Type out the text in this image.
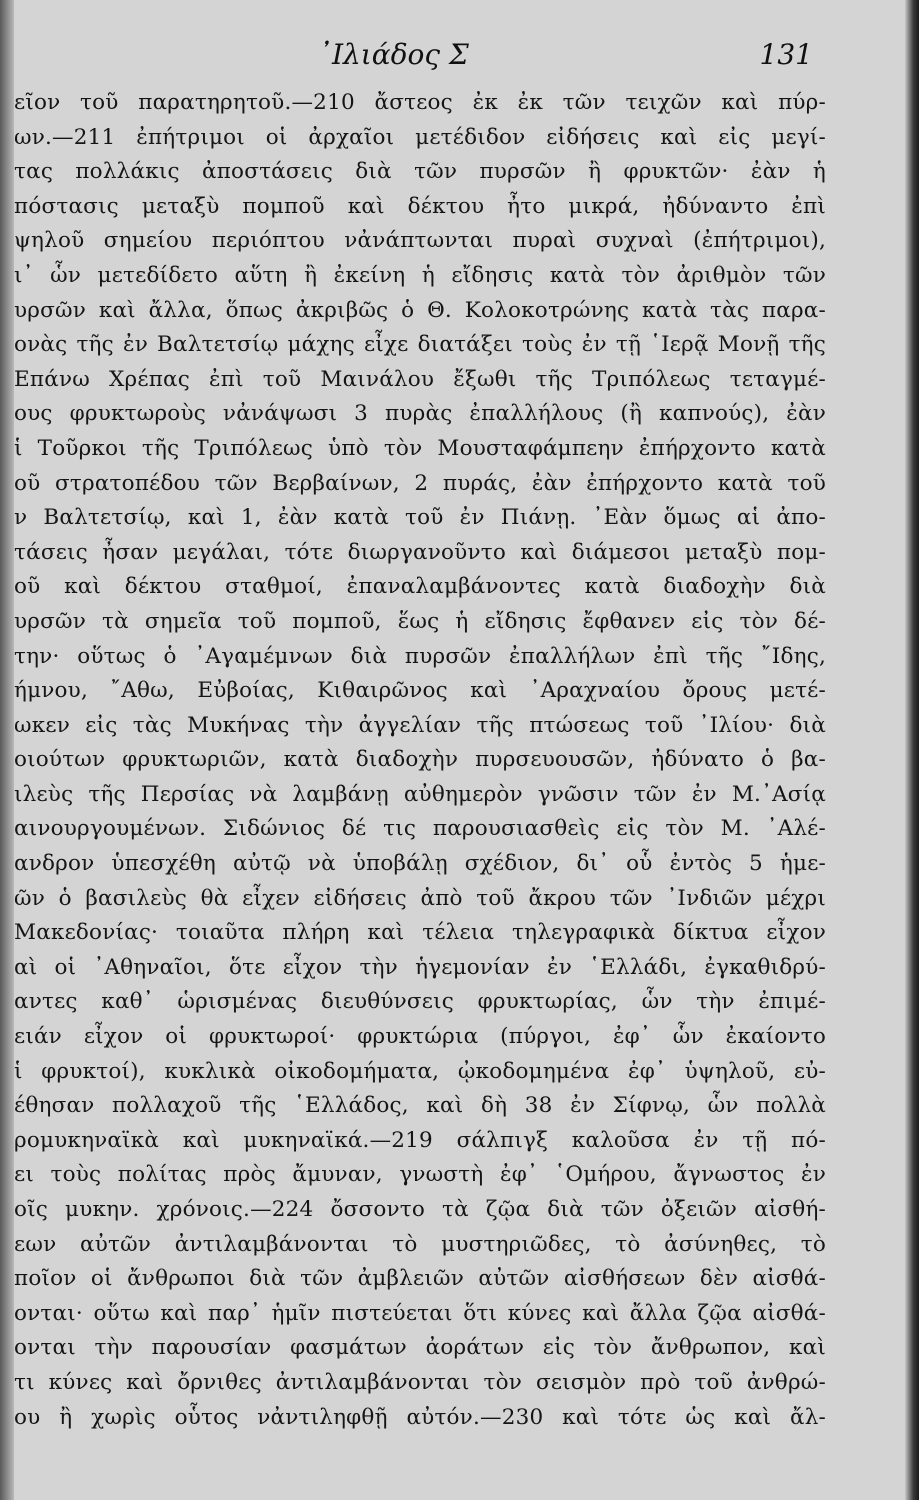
᾿Ιλιάδος Σ	131
εῖον τοῦ παρατηρητοῦ.—210 ἄστεος ἐκ ἐκ τῶν τειχῶν καὶ πύρ-
ων.—211 ἐπήτριμοι οἱ ἀρχαῖοι μετέδιδον εἰδήσεις καὶ εἰς μεγί-
τας πολλάκις ἀποστάσεις διὰ τῶν πυρσῶν ἢ φρυκτῶν· ἐὰν ἡ
πόστασις μεταξὺ πομποῦ καὶ δέκτου ἦτο μικρά, ἠδύναντο ἐπὶ
ψηλοῦ σημείου περιόπτου νἀνάπτωνται πυραὶ συχναὶ (ἐπήτριμοι),
ι᾿ ὧν μετεδίδετο αὕτη ἢ ἐκείνη ἡ εἴδησις κατὰ τὸν ἀριθμὸν τῶν
υρσῶν καὶ ἄλλα, ὅπως ἀκριβῶς ὁ Θ. Κολοκοτρώνης κατὰ τὰς παρα-
ονὰς τῆς ἐν Βαλτετσίῳ μάχης εἶχε διατάξει τοὺς ἐν τῇ ῾Ιερᾷ Μονῇ τῆς
Επάνω Χρέπας ἐπὶ τοῦ Μαινάλου ἔξωθι τῆς Τριπόλεως τεταγμέ-
ους φρυκτωροὺς νἀνάψωσι 3 πυρὰς ἐπαλλήλους (ἢ καπνούς), ἐὰν
ἱ Τοῦρκοι τῆς Τριπόλεως ὑπὸ τὸν Μουσταφάμπεην ἐπήρχοντο κατὰ
οῦ στρατοπέδου τῶν Βερβαίνων, 2 πυράς, ἐὰν ἐπήρχοντο κατὰ τοῦ
ν Βαλτετσίῳ, καὶ 1, ἐὰν κατὰ τοῦ ἐν Πιάνῃ. ᾿Εὰν ὅμως αἱ ἀπο-
τάσεις ἦσαν μεγάλαι, τότε διωργανοῦντο καὶ διάμεσοι μεταξὺ πομ-
οῦ καὶ δέκτου σταθμοί, ἐπαναλαμβάνοντες κατὰ διαδοχὴν διὰ
υρσῶν τὰ σημεῖα τοῦ πομποῦ, ἕως ἡ εἴδησις ἔφθανεν εἰς τὸν δέ-
την· οὕτως ὁ ᾿Αγαμέμνων διὰ πυρσῶν ἐπαλλήλων ἐπὶ τῆς ῎Ιδης,
ήμνου, ῎Αθω, Εὐβοίας, Κιθαιρῶνος καὶ ᾿Αραχναίου ὄρους μετέ-
ωκεν εἰς τὰς Μυκήνας τὴν ἀγγελίαν τῆς πτώσεως τοῦ ᾿Ιλίου· διὰ
οιούτων φρυκτωριῶν, κατὰ διαδοχὴν πυρσευουσῶν, ἠδύνατο ὁ βα-
ιλεὺς τῆς Περσίας νὰ λαμβάνῃ αὐθημερὸν γνῶσιν τῶν ἐν Μ.᾿Ασίᾳ
αινουργουμένων. Σιδώνιος δέ τις παρουσιασθεὶς εἰς τὸν Μ. ᾿Αλέ-
ανδρον ὑπεσχέθη αὐτῷ νὰ ὑποβάλῃ σχέδιον, δι᾿ οὗ ἐντὸς 5 ἡμε-
ῶν ὁ βασιλεὺς θὰ εἶχεν εἰδήσεις ἀπὸ τοῦ ἄκρου τῶν ᾿Ινδιῶν μέχρι
Μακεδονίας· τοιαῦτα πλήρη καὶ τέλεια τηλεγραφικὰ δίκτυα εἶχον
αὶ οἱ ᾿Αθηναῖοι, ὅτε εἶχον τὴν ἡγεμονίαν ἐν ῾Ελλάδι, ἐγκαθιδρύ-
αντες καθ᾿ ὡρισμένας διευθύνσεις φρυκτωρίας, ὧν τὴν ἐπιμέ-
ειάν εἶχον οἱ φρυκτωροί· φρυκτώρια (πύργοι, ἐφ᾿ ὧν ἐκαίοντο
ἱ φρυκτοί), κυκλικὰ οἰκοδομήματα, ᾠκοδομημένα ἐφ᾿ ὑψηλοῦ, εὐ-
έθησαν πολλαχοῦ τῆς ῾Ελλάδος, καὶ δὴ 38 ἐν Σίφνῳ, ὧν πολλὰ
ρομυκηναϊκὰ καὶ μυκηναϊκά.—219 σάλπιγξ καλοῦσα ἐν τῇ πό-
ει τοὺς πολίτας πρὸς ἄμυναν, γνωστὴ ἐφ᾿ ῾Ομήρου, ἄγνωστος ἐν
οῖς μυκην. χρόνοις.—224 ὄσσοντο τὰ ζῷα διὰ τῶν ὀξειῶν αἰσθή-
εων αὐτῶν ἀντιλαμβάνονται τὸ μυστηριῶδες, τὸ ἀσύνηθες, τὸ
ποῖον οἱ ἄνθρωποι διὰ τῶν ἀμβλειῶν αὐτῶν αἰσθήσεων δὲν αἰσθά-
ονται· οὕτω καὶ παρ᾿ ἡμῖν πιστεύεται ὅτι κύνες καὶ ἄλλα ζῷα αἰσθά-
ονται τὴν παρουσίαν φασμάτων ἀοράτων εἰς τὸν ἄνθρωπον, καὶ
τι κύνες καὶ ὄρνιθες ἀντιλαμβάνονται τὸν σεισμὸν πρὸ τοῦ ἀνθρώ-
ου ἢ χωρὶς οὗτος νἀντιληφθῇ αὐτόν.—230 καὶ τότε ὡς καὶ ἄλ-
